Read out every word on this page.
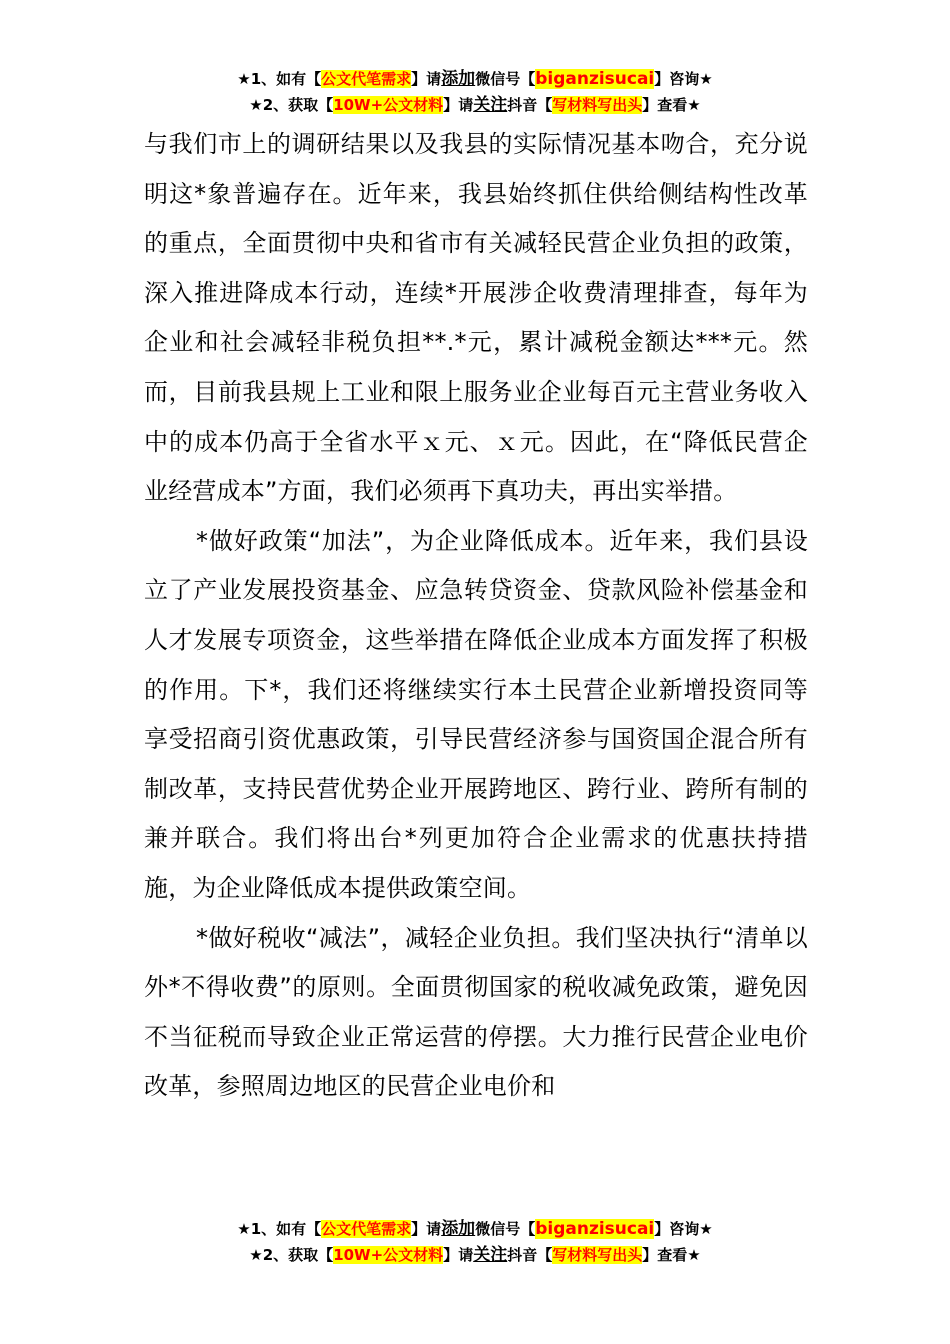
★1、如有【公文代笔需求】请添加微信号【biganzisucai】咨询★
★2、获取【10W+公文材料】请关注抖音【写材料写出头】查看★

与我们市上的调研结果以及我县的实际情况基本吻合，充分说明这*象普遍存在。近年来，我县始终抓住供给侧结构性改革的重点，全面贯彻中央和省市有关减轻民营企业负担的政策，深入推进降成本行动，连续*开展涉企收费清理排查，每年为企业和社会减轻非税负担**.*元，累计减税金额达***元。然而，目前我县规上工业和限上服务业企业每百元主营业务收入中的成本仍高于全省水平ｘ元、ｘ元。因此，在“降低民营企业经营成本”方面，我们必须再下真功夫，再出实举措。

*做好政策“加法”，为企业降低成本。近年来，我们县设立了产业发展投资基金、应急转贷资金、贷款风险补偿基金和人才发展专项资金，这些举措在降低企业成本方面发挥了积极的作用。下*，我们还将继续实行本土民营企业新增投资同等享受招商引资优惠政策，引导民营经济参与国资国企混合所有制改革，支持民营优势企业开展跨地区、跨行业、跨所有制的兼并联合。我们将出台*列更加符合企业需求的优惠扶持措施，为企业降低成本提供政策空间。

*做好税收“减法”，减轻企业负担。我们坚决执行“清单以外*不得收费”的原则。全面贯彻国家的税收减免政策，避免因不当征税而导致企业正常运营的停摆。大力推行民营企业电价改革，参照周边地区的民营企业电价和

★1、如有【公文代笔需求】请添加微信号【biganzisucai】咨询★
★2、获取【10W+公文材料】请关注抖音【写材料写出头】查看★
